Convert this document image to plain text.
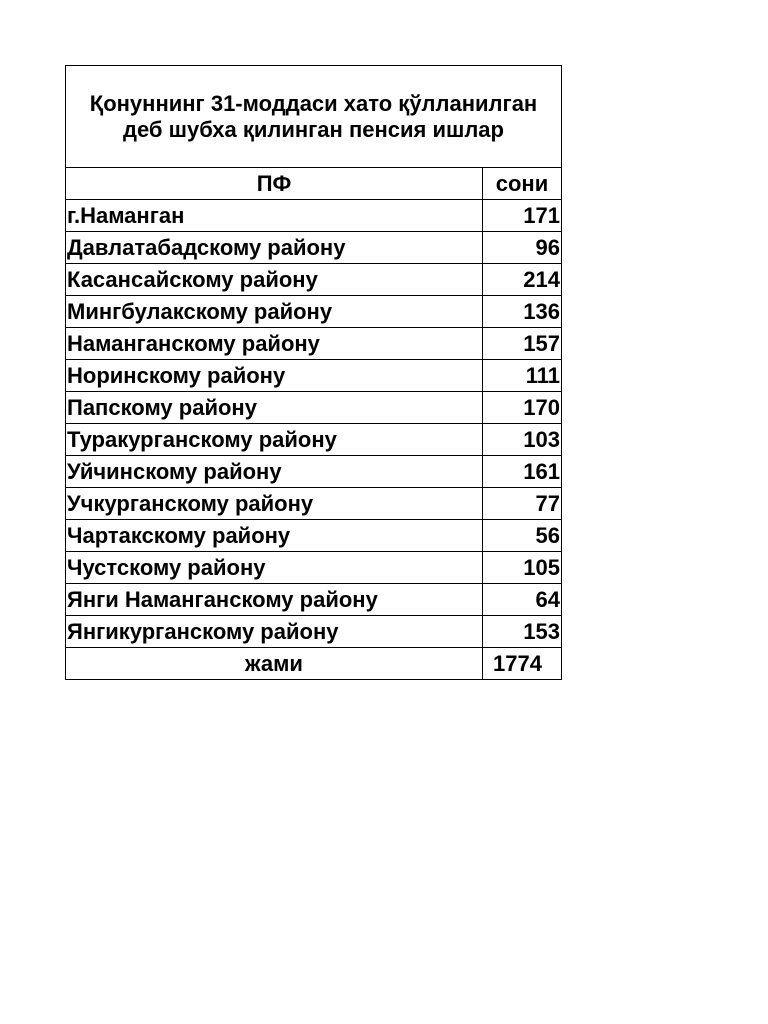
Қонуннинг 31-моддаси хато қўлланилган деб шубха қилинган пенсия ишлар	
ПФ	сони
г.Наманган	171
Давлатабадскому району	96
Касансайскому району	214
Мингбулакскому району	136
Наманганскому району	157
Норинскому району	111
Папскому району	170
Туракурганскому району	103
Уйчинскому району	161
Учкурганскому району	77
Чартакскому району	56
Чустскому району	105
Янги Наманганскому району	64
Янгикурганскому району	153
жами	1774
